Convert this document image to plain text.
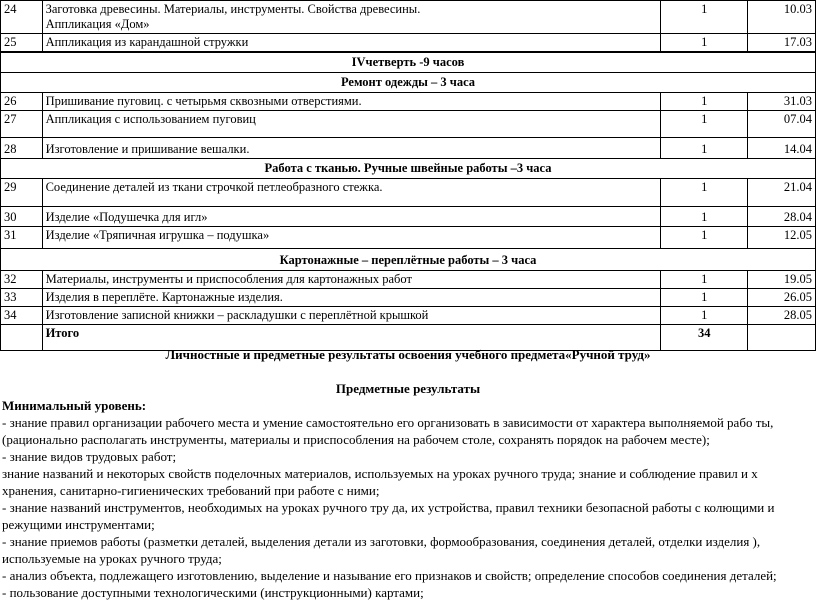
24	Заготовка древесины. Материалы, инструменты. Свойства древесины.
Аппликация «Дом»	1	10.03
25	Аппликация из карандашной стружки	1	17.03
IVчетверть -9 часов			
Ремонт одежды – 3 часа			
26	Пришивание пуговиц. с четырьмя сквозными отверстиями.	1	31.03
27	Аппликация с использованием пуговиц	1	07.04
28	Изготовление и пришивание вешалки.	1	14.04
Работа с тканью. Ручные швейные работы –3 часа			
29	Соединение деталей из ткани строчкой петлеобразного стежка.	1	21.04
30	Изделие «Подушечка для игл»	1	28.04
31	Изделие «Тряпичная игрушка – подушка»	1	12.05
Картонажные – переплётные работы – 3 часа			
32	Материалы, инструменты и приспособления для картонажных работ	1	19.05
33	Изделия в переплёте. Картонажные изделия.	1	26.05
34	Изготовление записной книжки – раскладушки с переплётной крышкой	1	28.05
	Итого	34	

Личностные и предметные результаты освоения учебного предмета«Ручной труд»

Предметные результаты

Минимальный уровень:

- знание правил организации рабочего места и умение самостоятельно его организовать в зависимости от характера выполняемой рабо ты,

(рационально располагать инструменты, материалы и приспособления на рабочем столе, сохранять порядок на рабочем месте);

- знание видов трудовых работ;

знание названий и некоторых свойств поделочных материалов, используемых на уроках ручного труда; знание и соблюдение правил и х

хранения, санитарно-гигиенических требований при работе с ними;

- знание названий инструментов, необходимых на уроках ручного тру да, их устройства, правил техники безопасной работы с колющими и

режущими инструментами;

- знание приемов работы (разметки деталей, выделения детали из заготовки, формообразования, соединения деталей, отделки изделия ),

используемые на уроках ручного труда;

- анализ объекта, подлежащего изготовлению, выделение и называние его признаков и свойств; определение способов соединения деталей;

- пользование доступными технологическими (инструкционными) картами;
